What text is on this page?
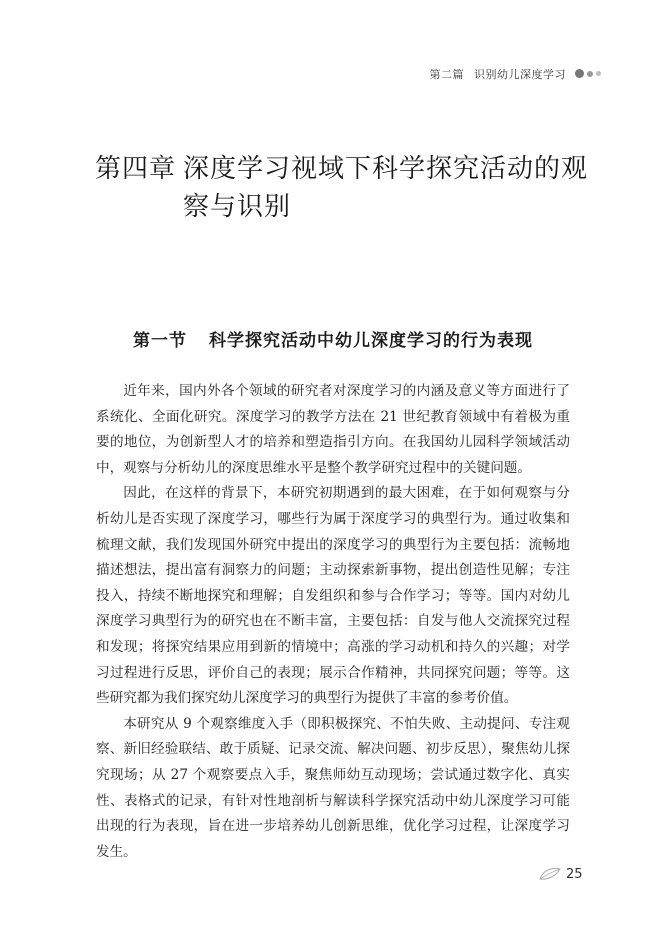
第二篇 识别幼儿深度学习
第四章 深度学习视域下科学探究活动的观察与识别
第一节 科学探究活动中幼儿深度学习的行为表现

近年来，国内外各个领域的研究者对深度学习的内涵及意义等方面进行了系统化、全面化研究。深度学习的教学方法在 21 世纪教育领域中有着极为重要的地位，为创新型人才的培养和塑造指引方向。在我国幼儿园科学领域活动中，观察与分析幼儿的深度思维水平是整个教学研究过程中的关键问题。

因此，在这样的背景下，本研究初期遇到的最大困难，在于如何观察与分析幼儿是否实现了深度学习，哪些行为属于深度学习的典型行为。通过收集和梳理文献，我们发现国外研究中提出的深度学习的典型行为主要包括：流畅地描述想法，提出富有洞察力的问题；主动探索新事物，提出创造性见解；专注投入，持续不断地探究和理解；自发组织和参与合作学习；等等。国内对幼儿深度学习典型行为的研究也在不断丰富，主要包括：自发与他人交流探究过程和发现；将探究结果应用到新的情境中；高涨的学习动机和持久的兴趣；对学习过程进行反思，评价自己的表现；展示合作精神，共同探究问题；等等。这些研究都为我们探究幼儿深度学习的典型行为提供了丰富的参考价值。

本研究从 9 个观察维度入手（即积极探究、不怕失败、主动提问、专注观察、新旧经验联结、敢于质疑、记录交流、解决问题、初步反思），聚焦幼儿探究现场；从 27 个观察要点入手，聚焦师幼互动现场；尝试通过数字化、真实性、表格式的记录，有针对性地剖析与解读科学探究活动中幼儿深度学习可能出现的行为表现，旨在进一步培养幼儿创新思维，优化学习过程，让深度学习发生。

25
